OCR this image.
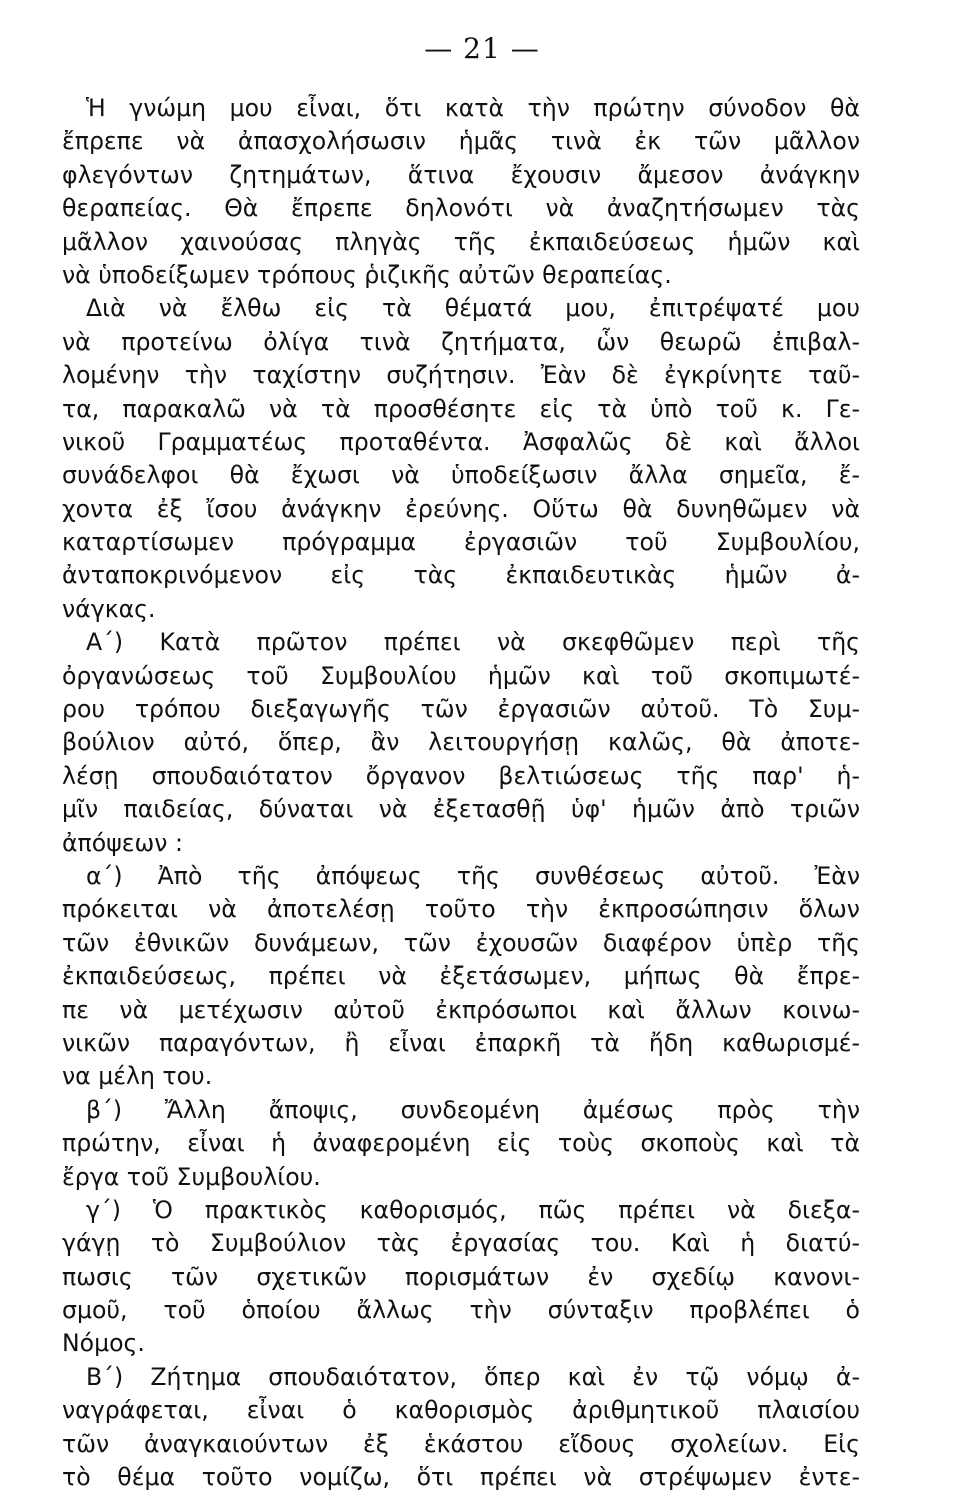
— 21 —
Ἡ γνώμη μου εἶναι, ὅτι κατὰ τὴν πρώτην σύνοδον θὰ
ἔπρεπε νὰ ἀπασχολήσωσιν ἡμᾶς τινὰ ἐκ τῶν μᾶλλον
φλεγόντων ζητημάτων, ἅτινα ἔχουσιν ἄμεσον ἀνάγκην
θεραπείας. Θὰ ἔπρεπε δηλονότι νὰ ἀναζητήσωμεν τὰς
μᾶλλον χαινούσας πληγὰς τῆς ἐκπαιδεύσεως ἡμῶν καὶ
νὰ ὑποδείξωμεν τρόπους ῥιζικῆς αὐτῶν θεραπείας.
Διὰ νὰ ἔλθω εἰς τὰ θέματά μου, ἐπιτρέψατέ μου
νὰ προτείνω ὀλίγα τινὰ ζητήματα, ὧν θεωρῶ ἐπιβαλ-
λομένην τὴν ταχίστην συζήτησιν. Ἐὰν δὲ ἐγκρίνητε ταῦ-
τα, παρακαλῶ νὰ τὰ προσθέσητε εἰς τὰ ὑπὸ τοῦ κ. Γε-
νικοῦ Γραμματέως προταθέντα. Ἀσφαλῶς δὲ καὶ ἄλλοι
συνάδελφοι θὰ ἔχωσι νὰ ὑποδείξωσιν ἄλλα σημεῖα, ἔ-
χοντα ἐξ ἴσου ἀνάγκην ἐρεύνης. Οὕτω θὰ δυνηθῶμεν νὰ
καταρτίσωμεν πρόγραμμα ἐργασιῶν τοῦ Συμβουλίου,
ἀνταποκρινόμενον εἰς τὰς ἐκπαιδευτικὰς ἡμῶν ἀ-
νάγκας.
Α΄) Κατὰ πρῶτον πρέπει νὰ σκεφθῶμεν περὶ τῆς
ὀργανώσεως τοῦ Συμβουλίου ἡμῶν καὶ τοῦ σκοπιμωτέ-
ρου τρόπου διεξαγωγῆς τῶν ἐργασιῶν αὐτοῦ. Τὸ Συμ-
βούλιον αὐτό, ὅπερ, ἂν λειτουργήσῃ καλῶς, θὰ ἀποτε-
λέσῃ σπουδαιότατον ὄργανον βελτιώσεως τῆς παρ' ἡ-
μῖν παιδείας, δύναται νὰ ἐξετασθῇ ὑφ' ἡμῶν ἀπὸ τριῶν
ἀπόψεων :
α΄) Ἀπὸ τῆς ἀπόψεως τῆς συνθέσεως αὐτοῦ. Ἐὰν
πρόκειται νὰ ἀποτελέσῃ τοῦτο τὴν ἐκπροσώπησιν ὅλων
τῶν ἐθνικῶν δυνάμεων, τῶν ἐχουσῶν διαφέρον ὑπὲρ τῆς
ἐκπαιδεύσεως, πρέπει νὰ ἐξετάσωμεν, μήπως θὰ ἔπρε-
πε νὰ μετέχωσιν αὐτοῦ ἐκπρόσωποι καὶ ἄλλων κοινω-
νικῶν παραγόντων, ἢ εἶναι ἐπαρκῆ τὰ ἤδη καθωρισμέ-
να μέλη του.
β΄) Ἄλλη ἄποψις, συνδεομένη ἀμέσως πρὸς τὴν
πρώτην, εἶναι ἡ ἀναφερομένη εἰς τοὺς σκοποὺς καὶ τὰ
ἔργα τοῦ Συμβουλίου.
γ΄) Ὁ πρακτικὸς καθορισμός, πῶς πρέπει νὰ διεξα-
γάγῃ τὸ Συμβούλιον τὰς ἐργασίας του. Καὶ ἡ διατύ-
πωσις τῶν σχετικῶν πορισμάτων ἐν σχεδίῳ κανονι-
σμοῦ, τοῦ ὁποίου ἄλλως τὴν σύνταξιν προβλέπει ὁ
Νόμος.
Β΄) Ζήτημα σπουδαιότατον, ὅπερ καὶ ἐν τῷ νόμῳ ἀ-
ναγράφεται, εἶναι ὁ καθορισμὸς ἀριθμητικοῦ πλαισίου
τῶν ἀναγκαιούντων ἐξ ἑκάστου εἴδους σχολείων. Εἰς
τὸ θέμα τοῦτο νομίζω, ὅτι πρέπει νὰ στρέψωμεν ἐντε-
